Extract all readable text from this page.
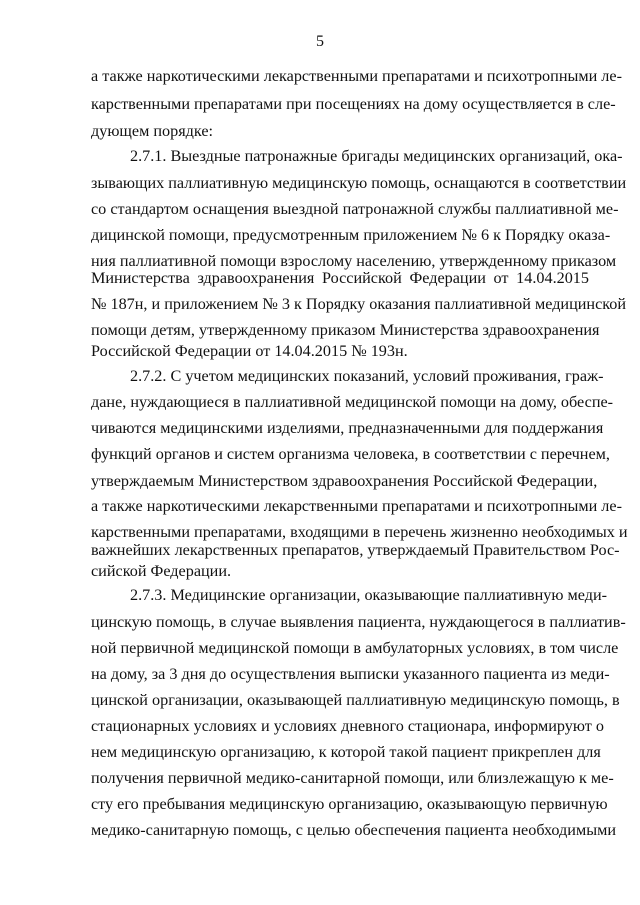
5
а также наркотическими лекарственными препаратами и психотропными ле-
карственными препаратами при посещениях на дому осуществляется в сле-
дующем порядке:
2.7.1. Выездные патронажные бригады медицинских организаций, ока-
зывающих паллиативную медицинскую помощь, оснащаются в соответствии
со стандартом оснащения выездной патронажной службы паллиативной ме-
дицинской помощи, предусмотренным приложением № 6 к Порядку оказа-
ния паллиативной помощи взрослому населению, утвержденному приказом
Министерства здравоохранения Российской Федерации от 14.04.2015
№ 187н, и приложением № 3 к Порядку оказания паллиативной медицинской
помощи детям, утвержденному приказом Министерства здравоохранения
Российской Федерации от 14.04.2015 № 193н.
2.7.2. С учетом медицинских показаний, условий проживания, граж-
дане, нуждающиеся в паллиативной медицинской помощи на дому, обеспе-
чиваются медицинскими изделиями, предназначенными для поддержания
функций органов и систем организма человека, в соответствии с перечнем,
утверждаемым Министерством здравоохранения Российской Федерации,
а также наркотическими лекарственными препаратами и психотропными ле-
карственными препаратами, входящими в перечень жизненно необходимых и
важнейших лекарственных препаратов, утверждаемый Правительством Рос-
сийской Федерации.
2.7.3. Медицинские организации, оказывающие паллиативную меди-
цинскую помощь, в случае выявления пациента, нуждающегося в паллиатив-
ной первичной медицинской помощи в амбулаторных условиях, в том числе
на дому, за 3 дня до осуществления выписки указанного пациента из меди-
цинской организации, оказывающей паллиативную медицинскую помощь, в
стационарных условиях и условиях дневного стационара, информируют о
нем медицинскую организацию, к которой такой пациент прикреплен для
получения первичной медико-санитарной помощи, или близлежащую к ме-
сту его пребывания медицинскую организацию, оказывающую первичную
медико-санитарную помощь, с целью обеспечения пациента необходимыми
